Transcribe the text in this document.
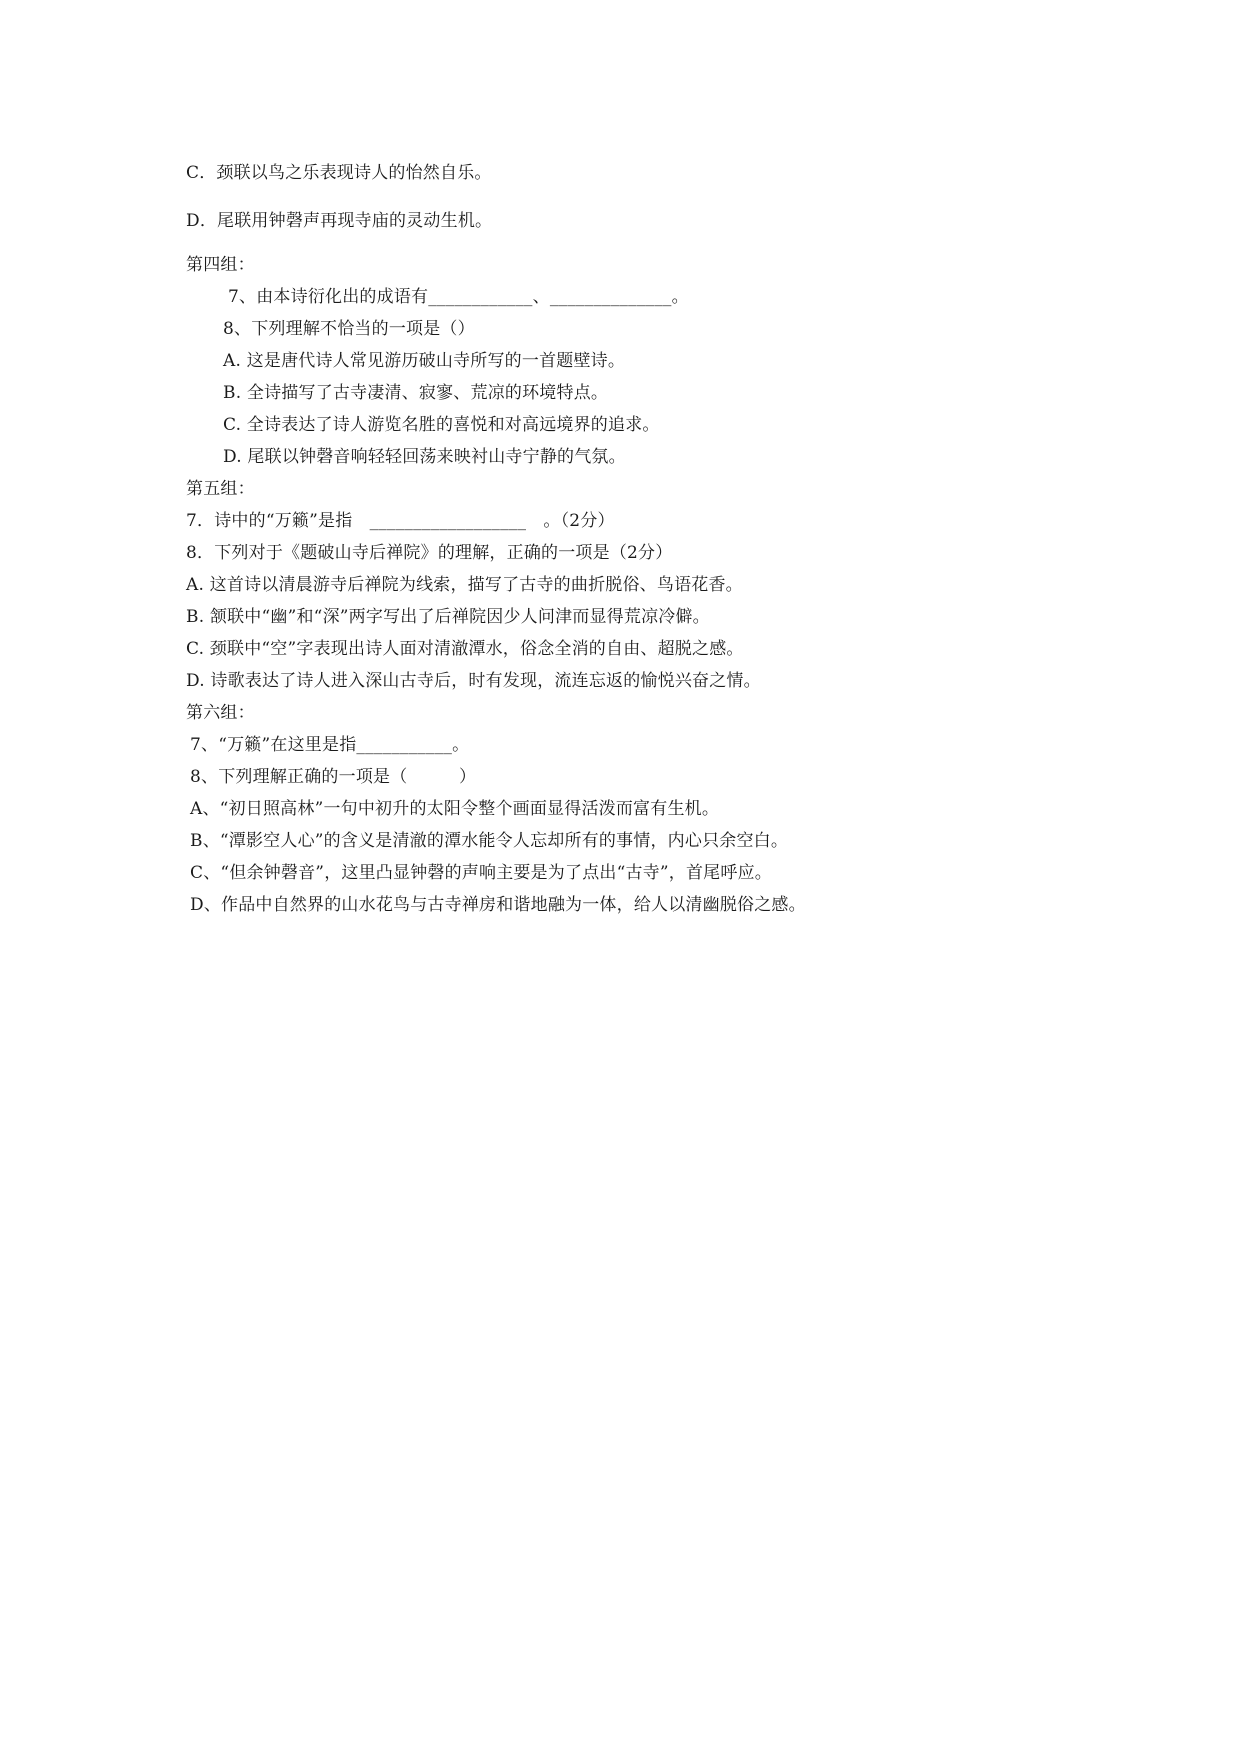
C．颈联以鸟之乐表现诗人的怡然自乐。
D．尾联用钟磬声再现寺庙的灵动生机。
第四组：
7、由本诗衍化出的成语有____________、______________。
8、下列理解不恰当的一项是（）
A. 这是唐代诗人常见游历破山寺所写的一首题壁诗。
B. 全诗描写了古寺凄清、寂寥、荒凉的环境特点。
C. 全诗表达了诗人游览名胜的喜悦和对高远境界的追求。
D. 尾联以钟磬音响轻轻回荡来映衬山寺宁静的气氛。
第五组：
7．诗中的“万籁”是指　__________________　。（2分）
8．下列对于《题破山寺后禅院》的理解，正确的一项是（2分）
A. 这首诗以清晨游寺后禅院为线索，描写了古寺的曲折脱俗、鸟语花香。
B. 颔联中“幽”和“深”两字写出了后禅院因少人问津而显得荒凉冷僻。
C. 颈联中“空”字表现出诗人面对清澈潭水，俗念全消的自由、超脱之感。
D. 诗歌表达了诗人进入深山古寺后，时有发现，流连忘返的愉悦兴奋之情。
第六组：
7、“万籁”在这里是指___________。
8、下列理解正确的一项是（　　　）
A、“初日照高林”一句中初升的太阳令整个画面显得活泼而富有生机。
B、“潭影空人心”的含义是清澈的潭水能令人忘却所有的事情，内心只余空白。
C、“但余钟磬音”，这里凸显钟磬的声响主要是为了点出“古寺”，首尾呼应。
D、作品中自然界的山水花鸟与古寺禅房和谐地融为一体，给人以清幽脱俗之感。
